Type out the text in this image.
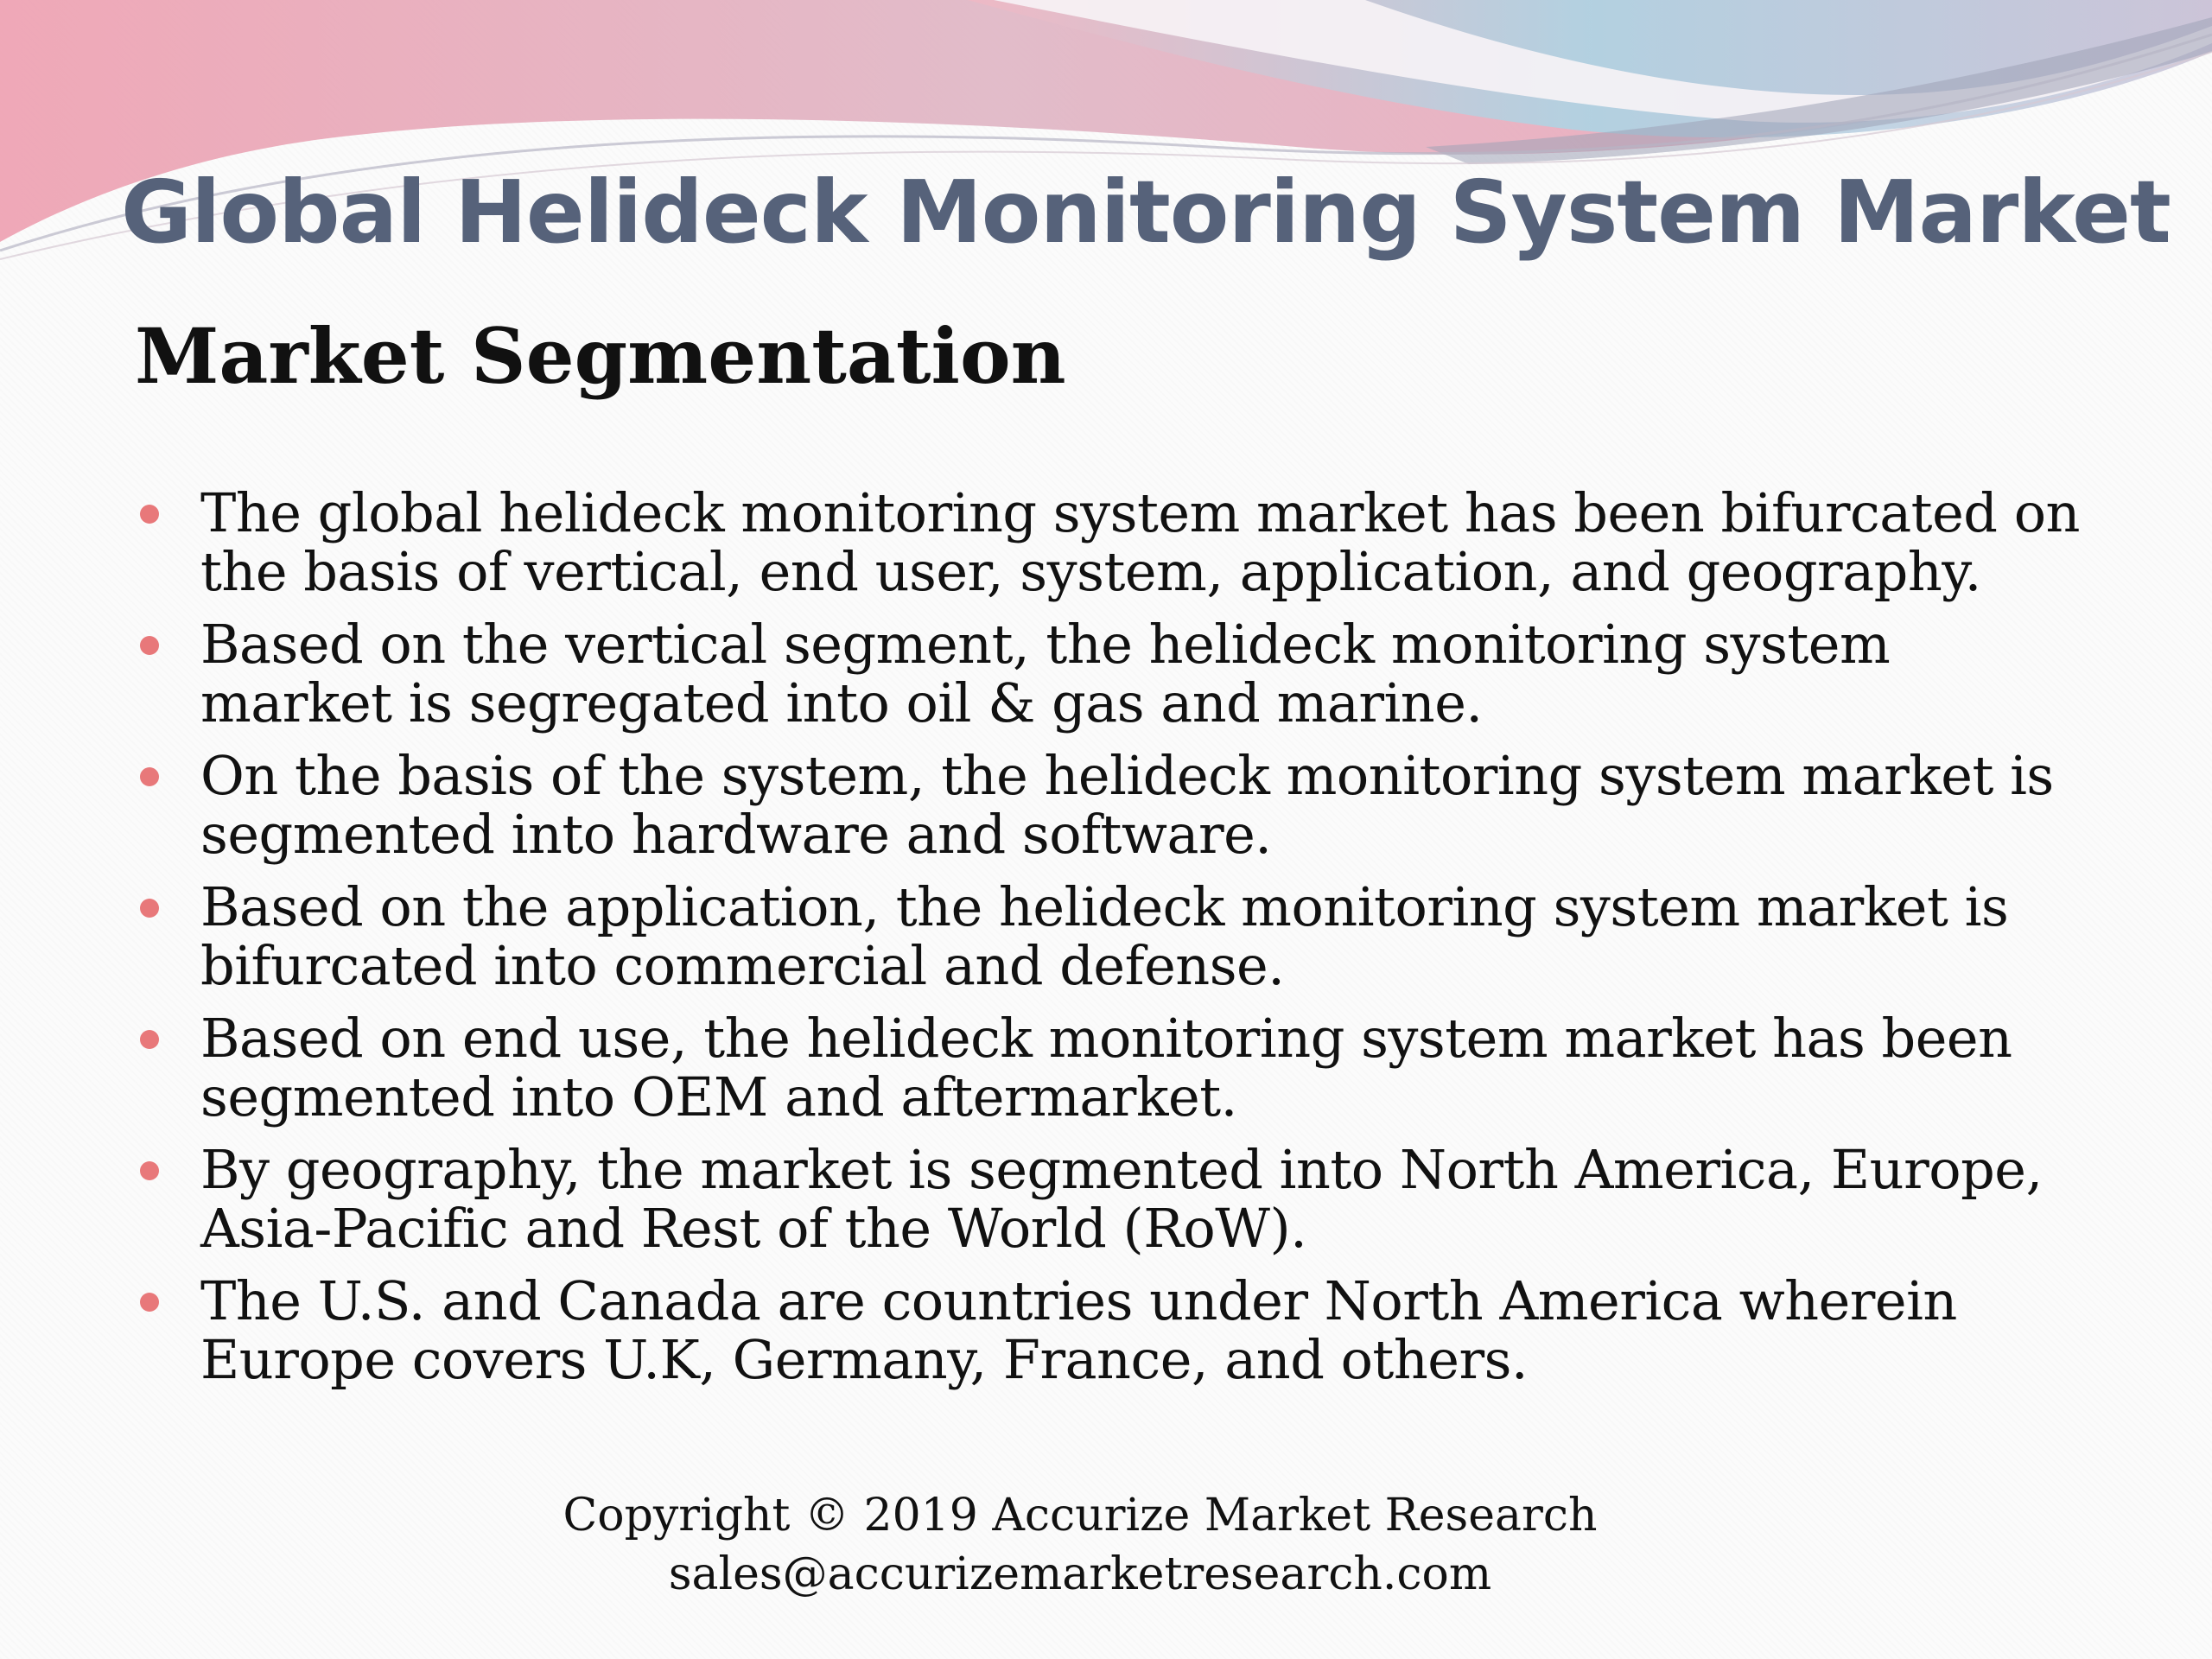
Global Helideck Monitoring System Market
Market Segmentation
The global helideck monitoring system market has been bifurcated on the basis of vertical, end user, system, application, and geography.
Based on the vertical segment, the helideck monitoring system market is segregated into oil & gas and marine.
On the basis of the system, the helideck monitoring system market is segmented into hardware and software.
Based on the application, the helideck monitoring system market is bifurcated into commercial and defense.
Based on end use, the helideck monitoring system market has been segmented into OEM and aftermarket.
By geography, the market is segmented into North America, Europe, Asia-Pacific and Rest of the World (RoW).
The U.S. and Canada are countries under North America wherein Europe covers U.K, Germany, France, and others.
Copyright © 2019 Accurize Market Research
sales@accurizemarketresearch.com
